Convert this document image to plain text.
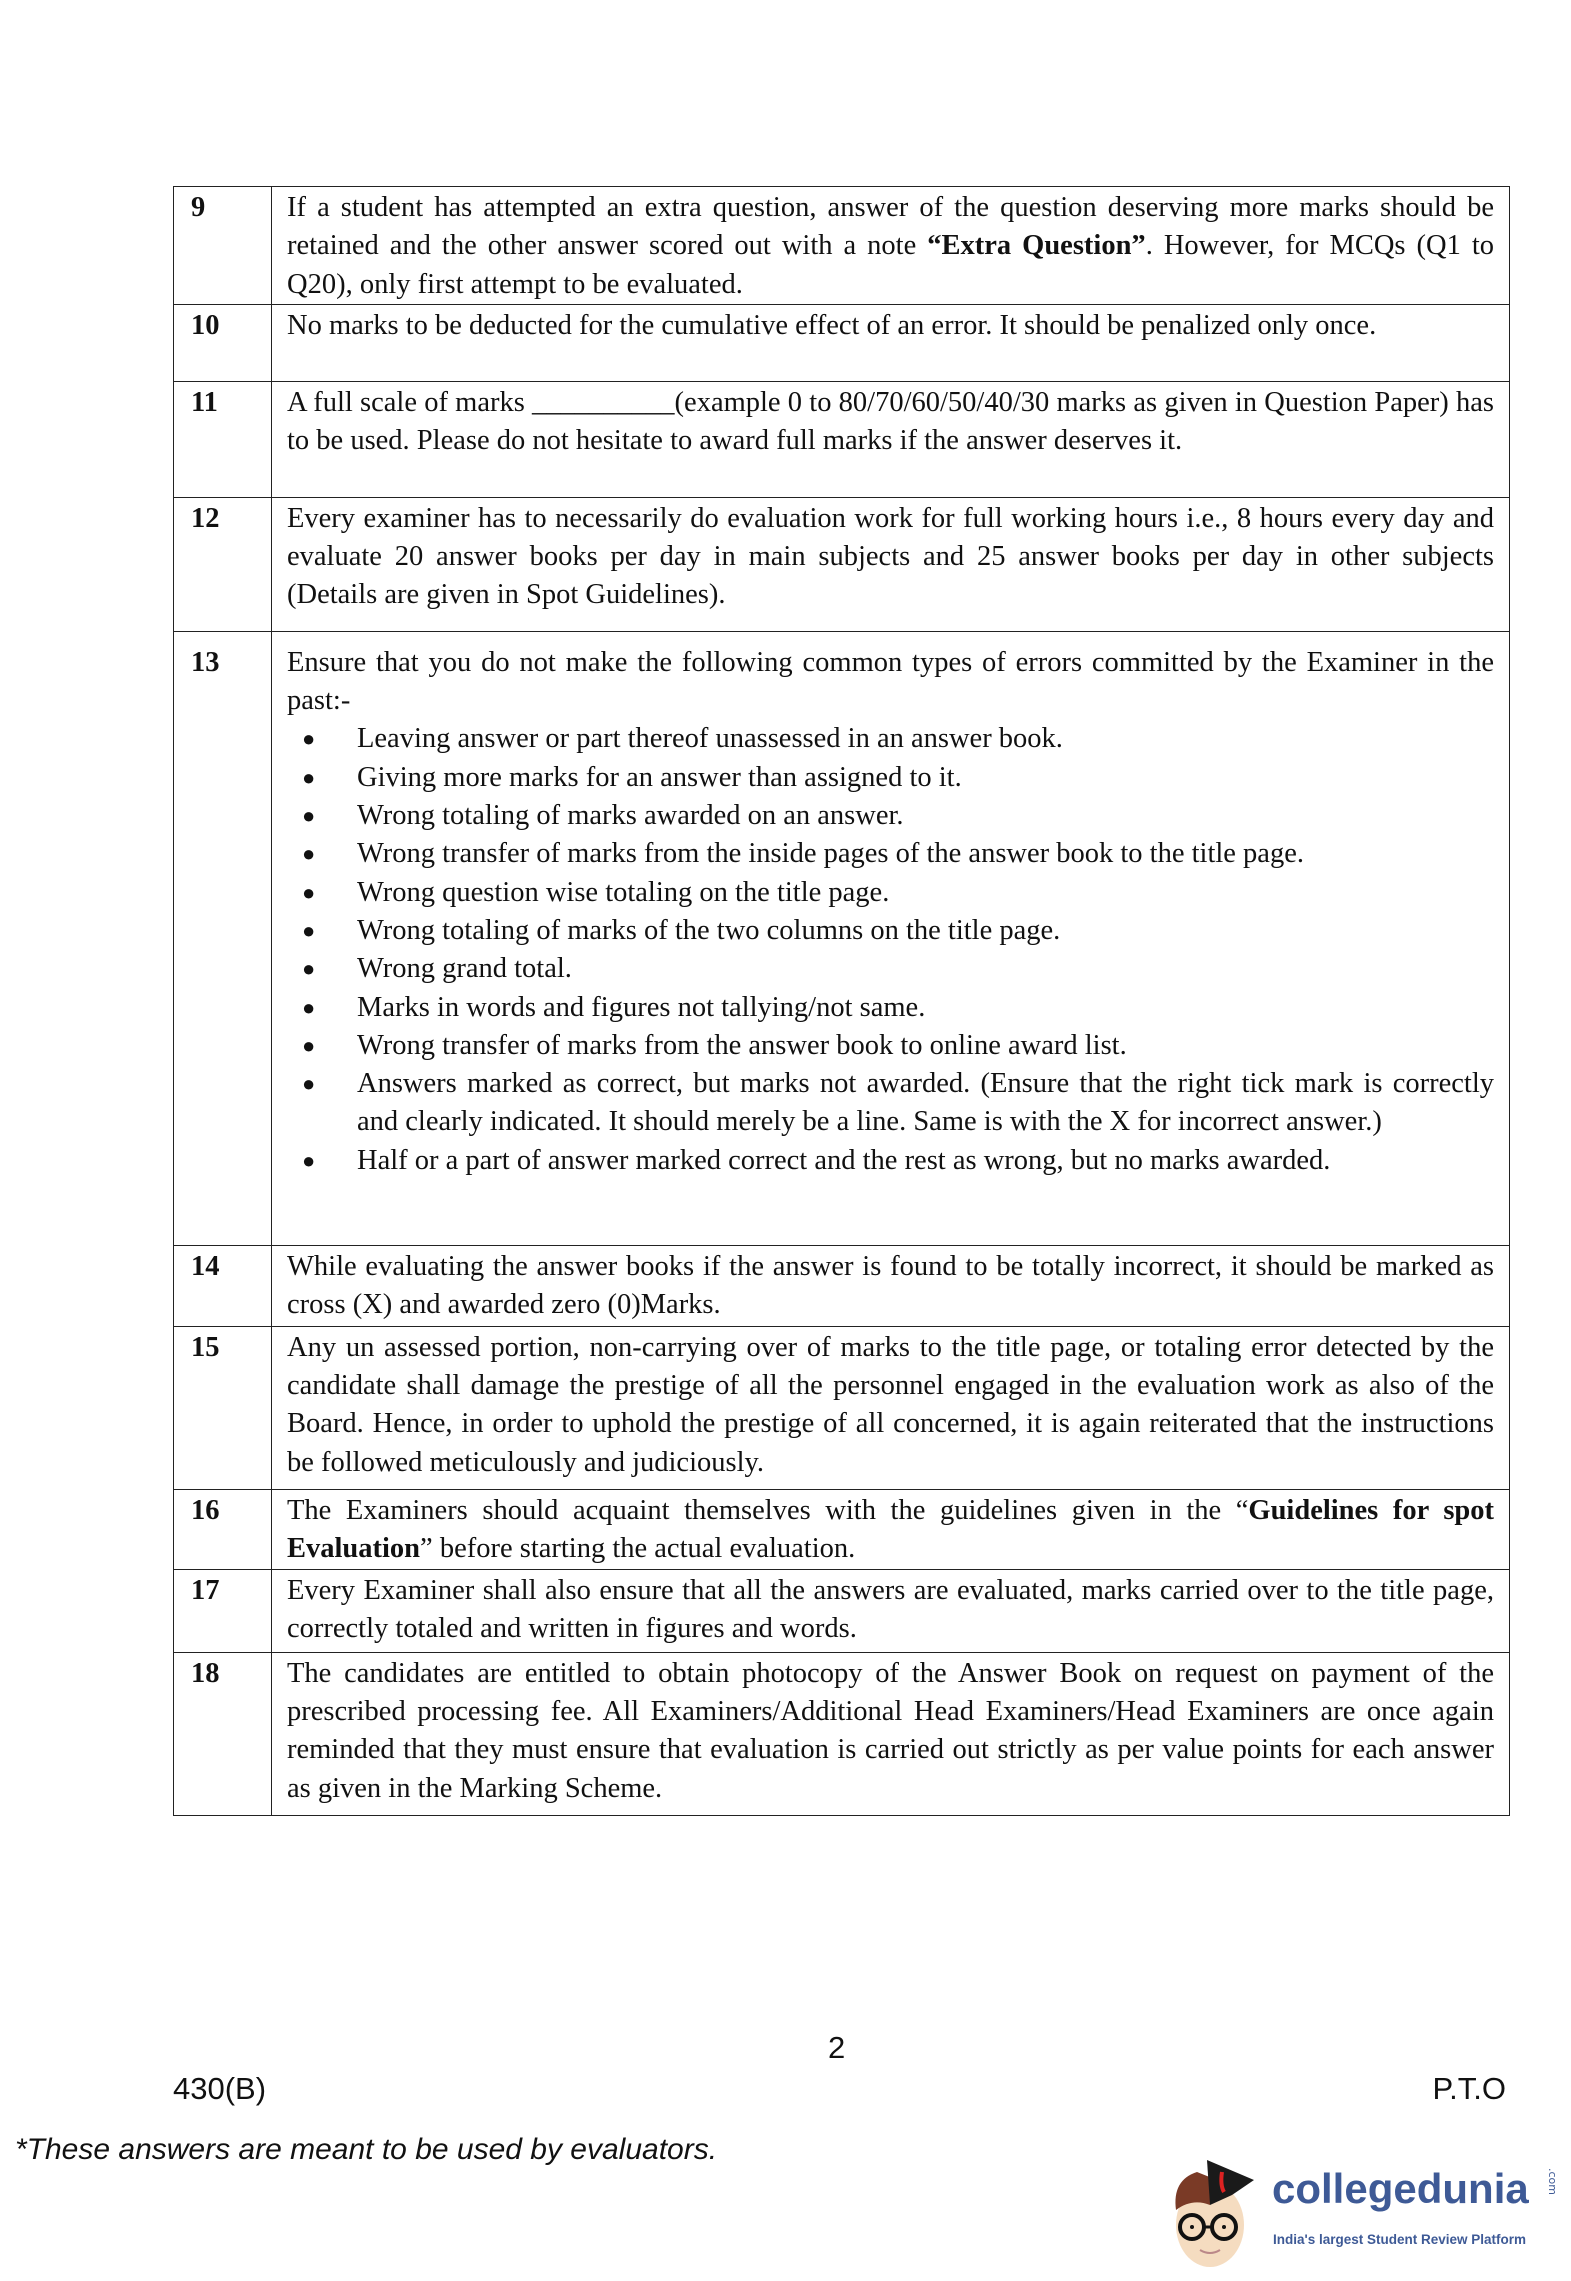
9	If a student has attempted an extra question, answer of the question deserving more marks should be retained and the other answer scored out with a note “Extra Question”. However, for MCQs (Q1 to Q20), only first attempt to be evaluated.
10	No marks to be deducted for the cumulative effect of an error. It should be penalized only once.
11	A full scale of marks __________(example 0 to 80/70/60/50/40/30 marks as given in Question Paper) has to be used. Please do not hesitate to award full marks if the answer deserves it.
12	Every examiner has to necessarily do evaluation work for full working hours i.e., 8 hours every day and evaluate 20 answer books per day in main subjects and 25 answer books per day in other subjects (Details are given in Spot Guidelines).
13	Ensure that you do not make the following common types of errors committed by the Examiner in the past:-
● Leaving answer or part thereof unassessed in an answer book.
● Giving more marks for an answer than assigned to it.
● Wrong totaling of marks awarded on an answer.
● Wrong transfer of marks from the inside pages of the answer book to the title page.
● Wrong question wise totaling on the title page.
● Wrong totaling of marks of the two columns on the title page.
● Wrong grand total.
● Marks in words and figures not tallying/not same.
● Wrong transfer of marks from the answer book to online award list.
● Answers marked as correct, but marks not awarded. (Ensure that the right tick mark is correctly and clearly indicated. It should merely be a line. Same is with the X for incorrect answer.)
● Half or a part of answer marked correct and the rest as wrong, but no marks awarded.
14	While evaluating the answer books if the answer is found to be totally incorrect, it should be marked as cross (X) and awarded zero (0)Marks.
15	Any un assessed portion, non-carrying over of marks to the title page, or totaling error detected by the candidate shall damage the prestige of all the personnel engaged in the evaluation work as also of the Board. Hence, in order to uphold the prestige of all concerned, it is again reiterated that the instructions be followed meticulously and judiciously.
16	The Examiners should acquaint themselves with the guidelines given in the “Guidelines for spot Evaluation” before starting the actual evaluation.
17	Every Examiner shall also ensure that all the answers are evaluated, marks carried over to the title page, correctly totaled and written in figures and words.
18	The candidates are entitled to obtain photocopy of the Answer Book on request on payment of the prescribed processing fee. All Examiners/Additional Head Examiners/Head Examiners are once again reminded that they must ensure that evaluation is carried out strictly as per value points for each answer as given in the Marking Scheme.
2
430(B)	P.T.O
*These answers are meant to be used by evaluators.
collegedunia .com
India's largest Student Review Platform
